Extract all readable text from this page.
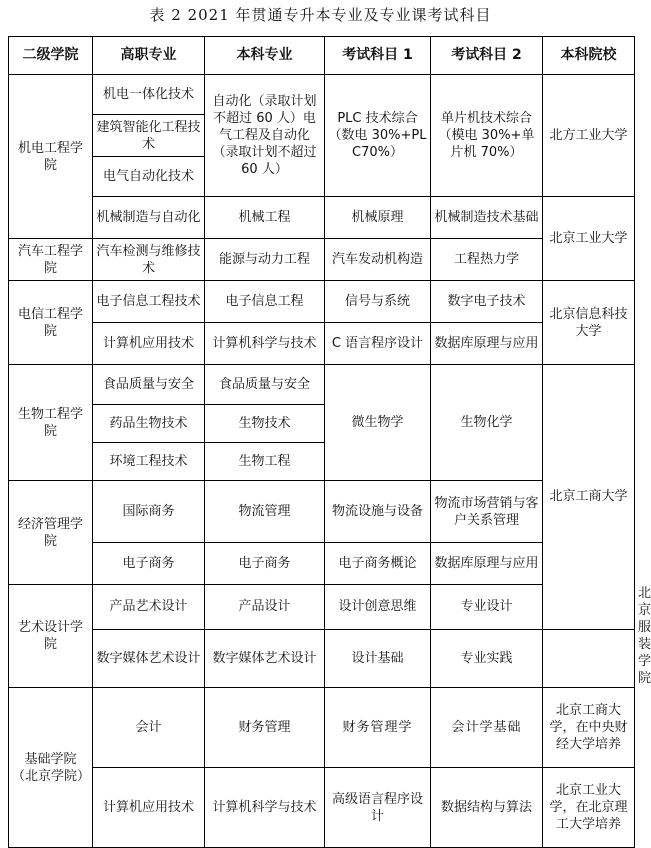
表 2 2021 年贯通专升本专业及专业课考试科目
二级学院	高职专业	本科专业	考试科目 1	考试科目 2	本科院校	
机电工程学院	机电一体化技术	自动化（录取计划不超过 60 人）电气工程及自动化（录取计划不超过 60 人）	PLC 技术综合（数电 30%+PLC70%）	单片机技术综合（模电 30%+单片机 70%）	北方工业大学	
	建筑智能化工程技术					
	电气自动化技术					
	机械制造与自动化	机械工程	机械原理	机械制造技术基础	北京工业大学	
汽车工程学院	汽车检测与维修技术	能源与动力工程	汽车发动机构造	工程热力学		
电信工程学院	电子信息工程技术	电子信息工程	信号与系统	数字电子技术	北京信息科技大学	
	计算机应用技术	计算机科学与技术	C 语言程序设计	数据库原理与应用		
生物工程学院	食品质量与安全	食品质量与安全	微生物学	生物化学	北京工商大学	
	药品生物技术	生物技术				
	环境工程技术	生物工程				
经济管理学院	国际商务	物流管理	物流设施与设备	物流市场营销与客户关系管理		
	电子商务	电子商务	电子商务概论	数据库原理与应用		
艺术设计学院	产品艺术设计	产品设计	设计创意思维	专业设计		北京服装学院
	数字媒体艺术设计	数字媒体艺术设计	设计基础	专业实践		
基础学院（北京学院）	会计	财务管理	财务管理学	会计学基础	北京工商大学，在中央财经大学培养	
	计算机应用技术	计算机科学与技术	高级语言程序设计	数据结构与算法	北京工业大学，在北京理工大学培养	
